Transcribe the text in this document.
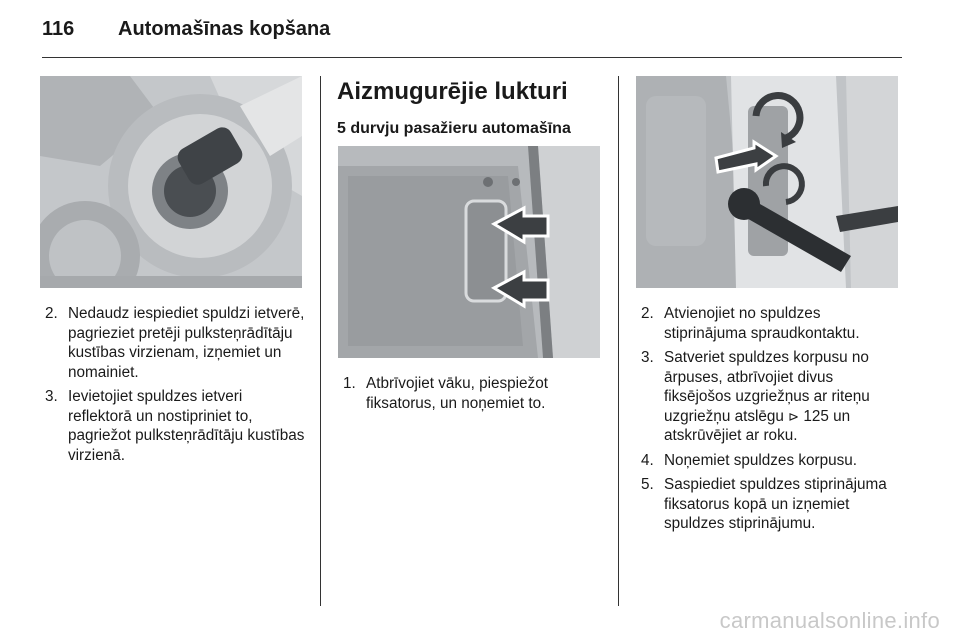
116 Automašīnas kopšana
2. Nedaudz iespiediet spuldzi ietverē, pagrieziet pretēji pulksteņrādītāju kustības virzienam, izņemiet un nomainiet.
3. Ievietojiet spuldzes ietveri reflektorā un nostipriniet to, pagriežot pulksteņrādītāju kustības virzienā.
Aizmugurējie lukturi
5 durvju pasažieru automašīna
1. Atbrīvojiet vāku, piespiežot fiksatorus, un noņemiet to.
2. Atvienojiet no spuldzes stiprinājuma spraudkontaktu.
3. Satveriet spuldzes korpusu no ārpuses, atbrīvojiet divus fiksējošos uzgriežņus ar riteņu uzgriežņu atslēgu ⊳ 125 un atskrūvējiet ar roku.
4. Noņemiet spuldzes korpusu.
5. Saspiediet spuldzes stiprinājuma fiksatorus kopā un izņemiet spuldzes stiprinājumu.
carmanualsonline.info
